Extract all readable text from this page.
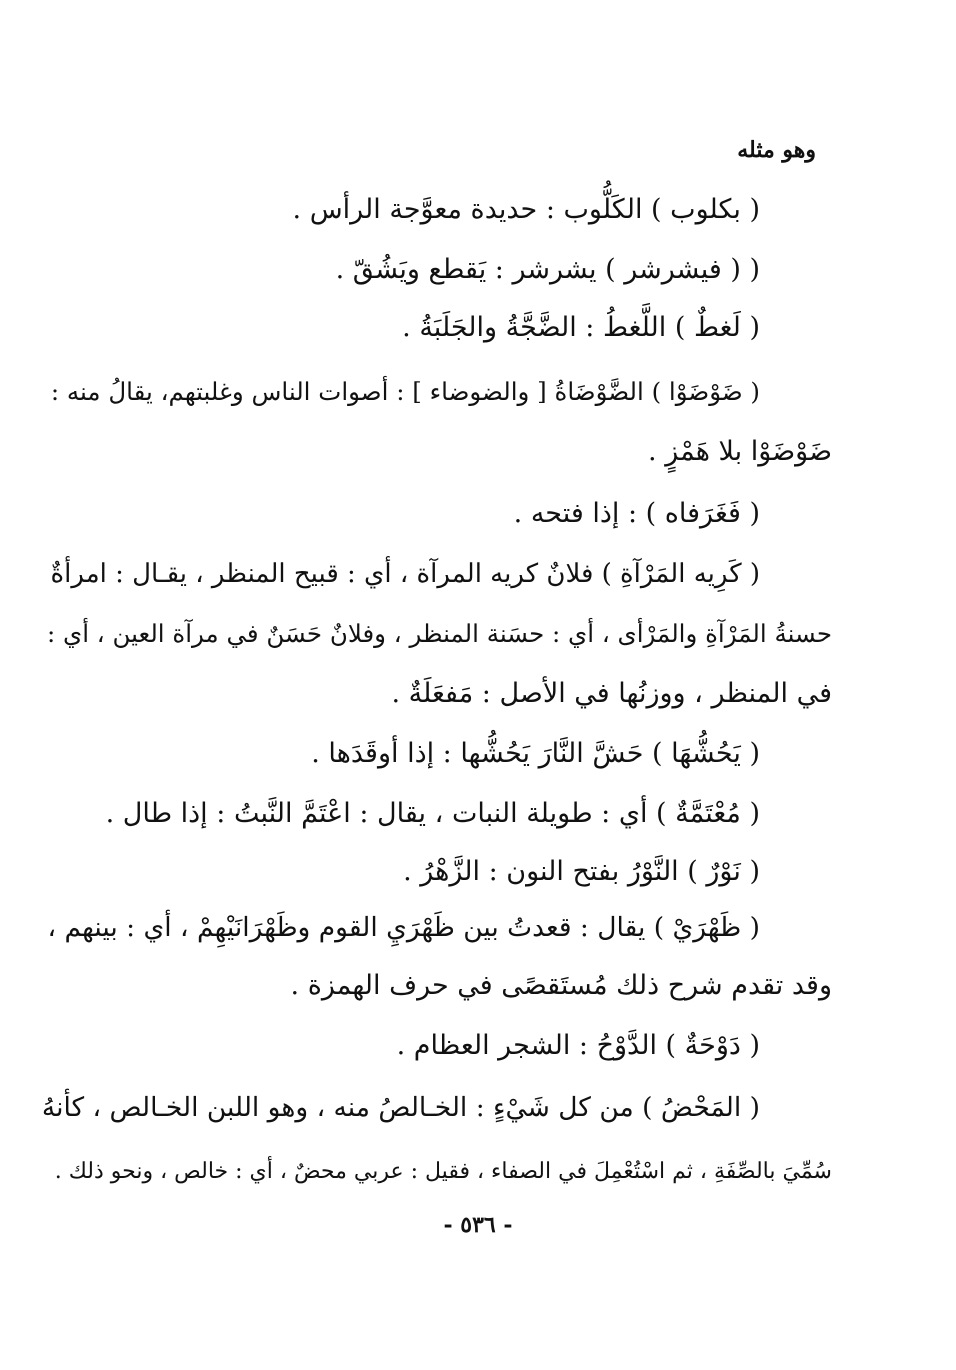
وهو مثله
( بكلوب ) الكَلُّوب : حديدة معوَّجة الرأس .
( ( فيشرشر ) يشرشر : يَقطع ويَشُقّ .
( لَغطٌ ) اللَّغطُ : الضَّجَّةُ والجَلَبَةُ .
( ضَوْضَوْا ) الضَّوْضَاةُ [ والضوضاء ] : أصوات الناس وغلبتهم، يقالُ منه :
ضَوْضَوْا بلا هَمْزٍ .
( فَغَرَفاه ) : إذا فتحه .
( كَرِيه المَرْآةِ ) فلانٌ كريه المرآة ، أي : قبيح المنظر ، يقـال : امرأةٌ
حسنةُ المَرْآةِ والمَرْأى ، أي : حسَنة المنظر ، وفلانٌ حَسَنٌ في مرآة العين ، أي :
في المنظر ، ووزنُها في الأصل : مَفعَلَةٌ .
( يَحُشُّهَا ) حَشَّ النَّارَ يَحُشُّها : إذا أوقَدَها .
( مُعْتَمَّةٌ ) أي : طويلة النبات ، يقال : اعْتَمَّ النَّبتُ : إذا طال .
( نَوْرٌ ) النَّوْرُ بفتح النون : الزَّهْرُ .
( ظَهْرَيْ ) يقال : قعدتُ بين ظَهْرَيِ القوم وظَهْرَانَيْهِمْ ، أي : بينهم ،
وقد تقدم شرح ذلك مُستَقصًى في حرف الهمزة .
( دَوْحَةٌ ) الدَّوْحُ : الشجر العظام .
( المَحْضُ ) من كل شَيْءٍ : الخـالصُ منه ، وهو اللبن الخـالص ، كأنهُ
سُمِّيَ بالصِّفَةِ ، ثم اسْتُعْمِلَ في الصفاء ، فقيل : عربي محضٌ ، أي : خالص ، ونحو ذلك .
- ٥٣٦ -
